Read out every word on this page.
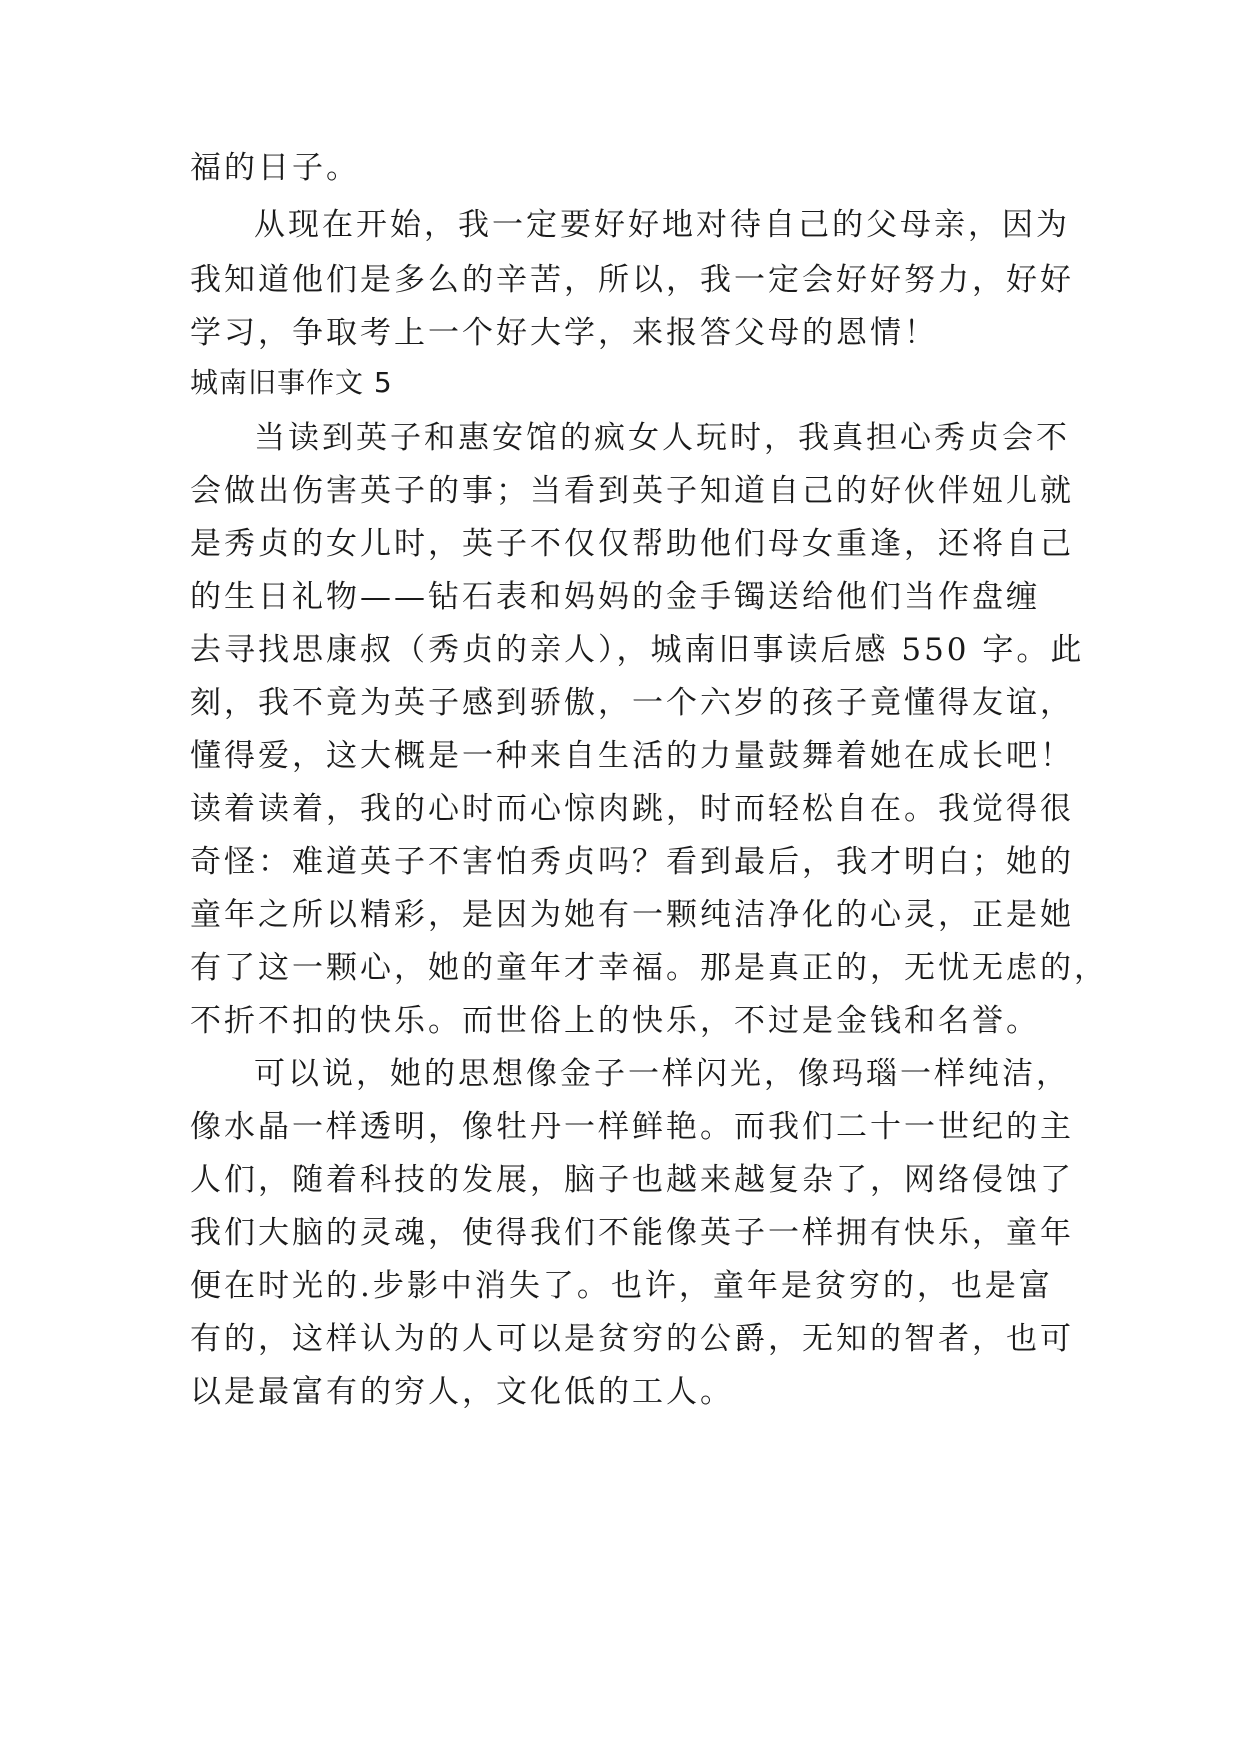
福的日子。
从现在开始，我一定要好好地对待自己的父母亲，因为
我知道他们是多么的辛苦，所以，我一定会好好努力，好好
学习，争取考上一个好大学，来报答父母的恩情！
城南旧事作文 5
当读到英子和惠安馆的疯女人玩时，我真担心秀贞会不
会做出伤害英子的事；当看到英子知道自己的好伙伴妞儿就
是秀贞的女儿时，英子不仅仅帮助他们母女重逢，还将自己
的生日礼物——钻石表和妈妈的金手镯送给他们当作盘缠
去寻找思康叔（秀贞的亲人），城南旧事读后感 550 字。此
刻，我不竟为英子感到骄傲，一个六岁的孩子竟懂得友谊，
懂得爱，这大概是一种来自生活的力量鼓舞着她在成长吧！
读着读着，我的心时而心惊肉跳，时而轻松自在。我觉得很
奇怪：难道英子不害怕秀贞吗？看到最后，我才明白；她的
童年之所以精彩，是因为她有一颗纯洁净化的心灵，正是她
有了这一颗心，她的童年才幸福。那是真正的，无忧无虑的，
不折不扣的快乐。而世俗上的快乐，不过是金钱和名誉。
可以说，她的思想像金子一样闪光，像玛瑙一样纯洁，
像水晶一样透明，像牡丹一样鲜艳。而我们二十一世纪的主
人们，随着科技的发展，脑子也越来越复杂了，网络侵蚀了
我们大脑的灵魂，使得我们不能像英子一样拥有快乐，童年
便在时光的.步影中消失了。也许，童年是贫穷的，也是富
有的，这样认为的人可以是贫穷的公爵，无知的智者，也可
以是最富有的穷人，文化低的工人。
